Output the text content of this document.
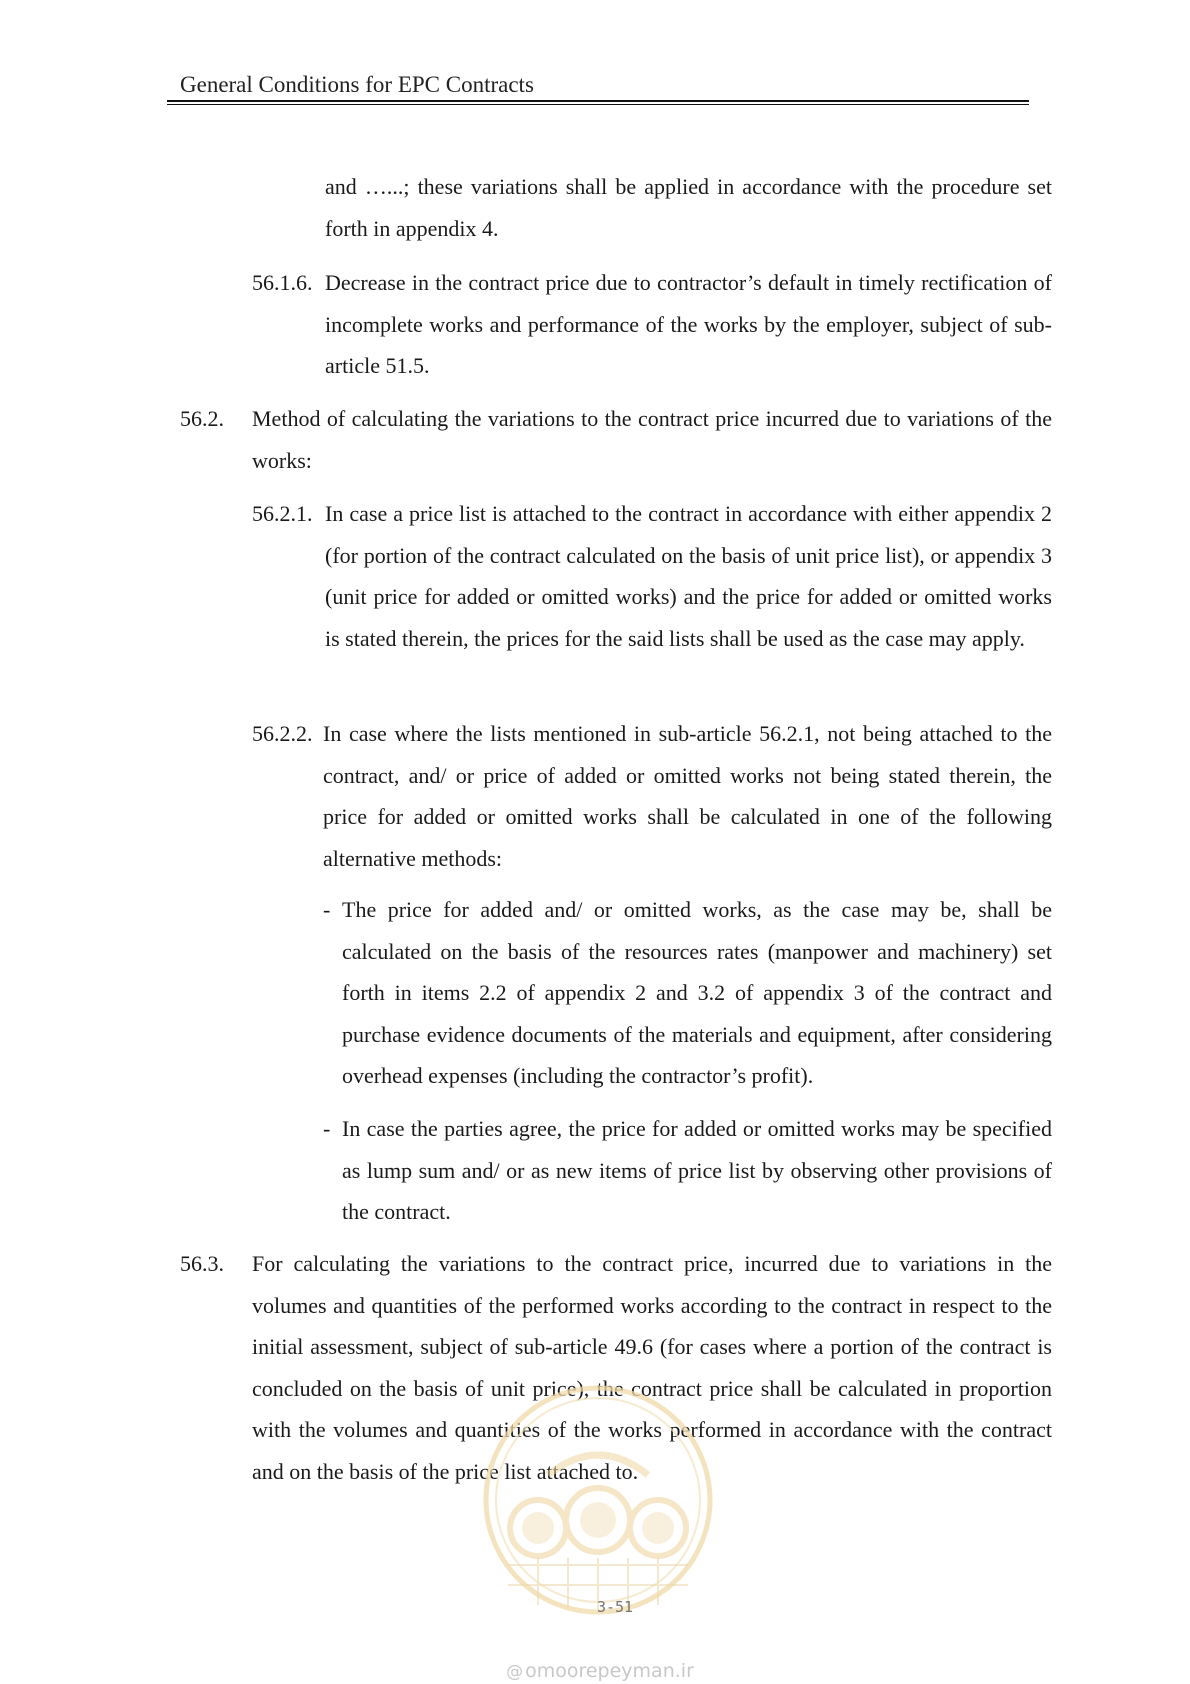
General Conditions for EPC Contracts

and …...; these variations shall be applied in accordance with the procedure set forth in appendix 4.

56.1.6. Decrease in the contract price due to contractor’s default in timely rectification of incomplete works and performance of the works by the employer, subject of sub-article 51.5.

56.2. Method of calculating the variations to the contract price incurred due to variations of the works:

56.2.1. In case a price list is attached to the contract in accordance with either appendix 2 (for portion of the contract calculated on the basis of unit price list), or appendix 3 (unit price for added or omitted works) and the price for added or omitted works is stated therein, the prices for the said lists shall be used as the case may apply.

56.2.2. In case where the lists mentioned in sub-article 56.2.1, not being attached to the contract, and/ or price of added or omitted works not being stated therein, the price for added or omitted works shall be calculated in one of the following alternative methods:

- The price for added and/ or omitted works, as the case may be, shall be calculated on the basis of the resources rates (manpower and machinery) set forth in items 2.2 of appendix 2 and 3.2 of appendix 3 of the contract and purchase evidence documents of the materials and equipment, after considering overhead expenses (including the contractor’s profit).

- In case the parties agree, the price for added or omitted works may be specified as lump sum and/ or as new items of price list by observing other provisions of the contract.

56.3. For calculating the variations to the contract price, incurred due to variations in the volumes and quantities of the performed works according to the contract in respect to the initial assessment, subject of sub-article 49.6 (for cases where a portion of the contract is concluded on the basis of unit price), the contract price shall be calculated in proportion with the volumes and quantities of the works performed in accordance with the contract and on the basis of the price list attached to.

3-51
@ omoorepeyman.ir
